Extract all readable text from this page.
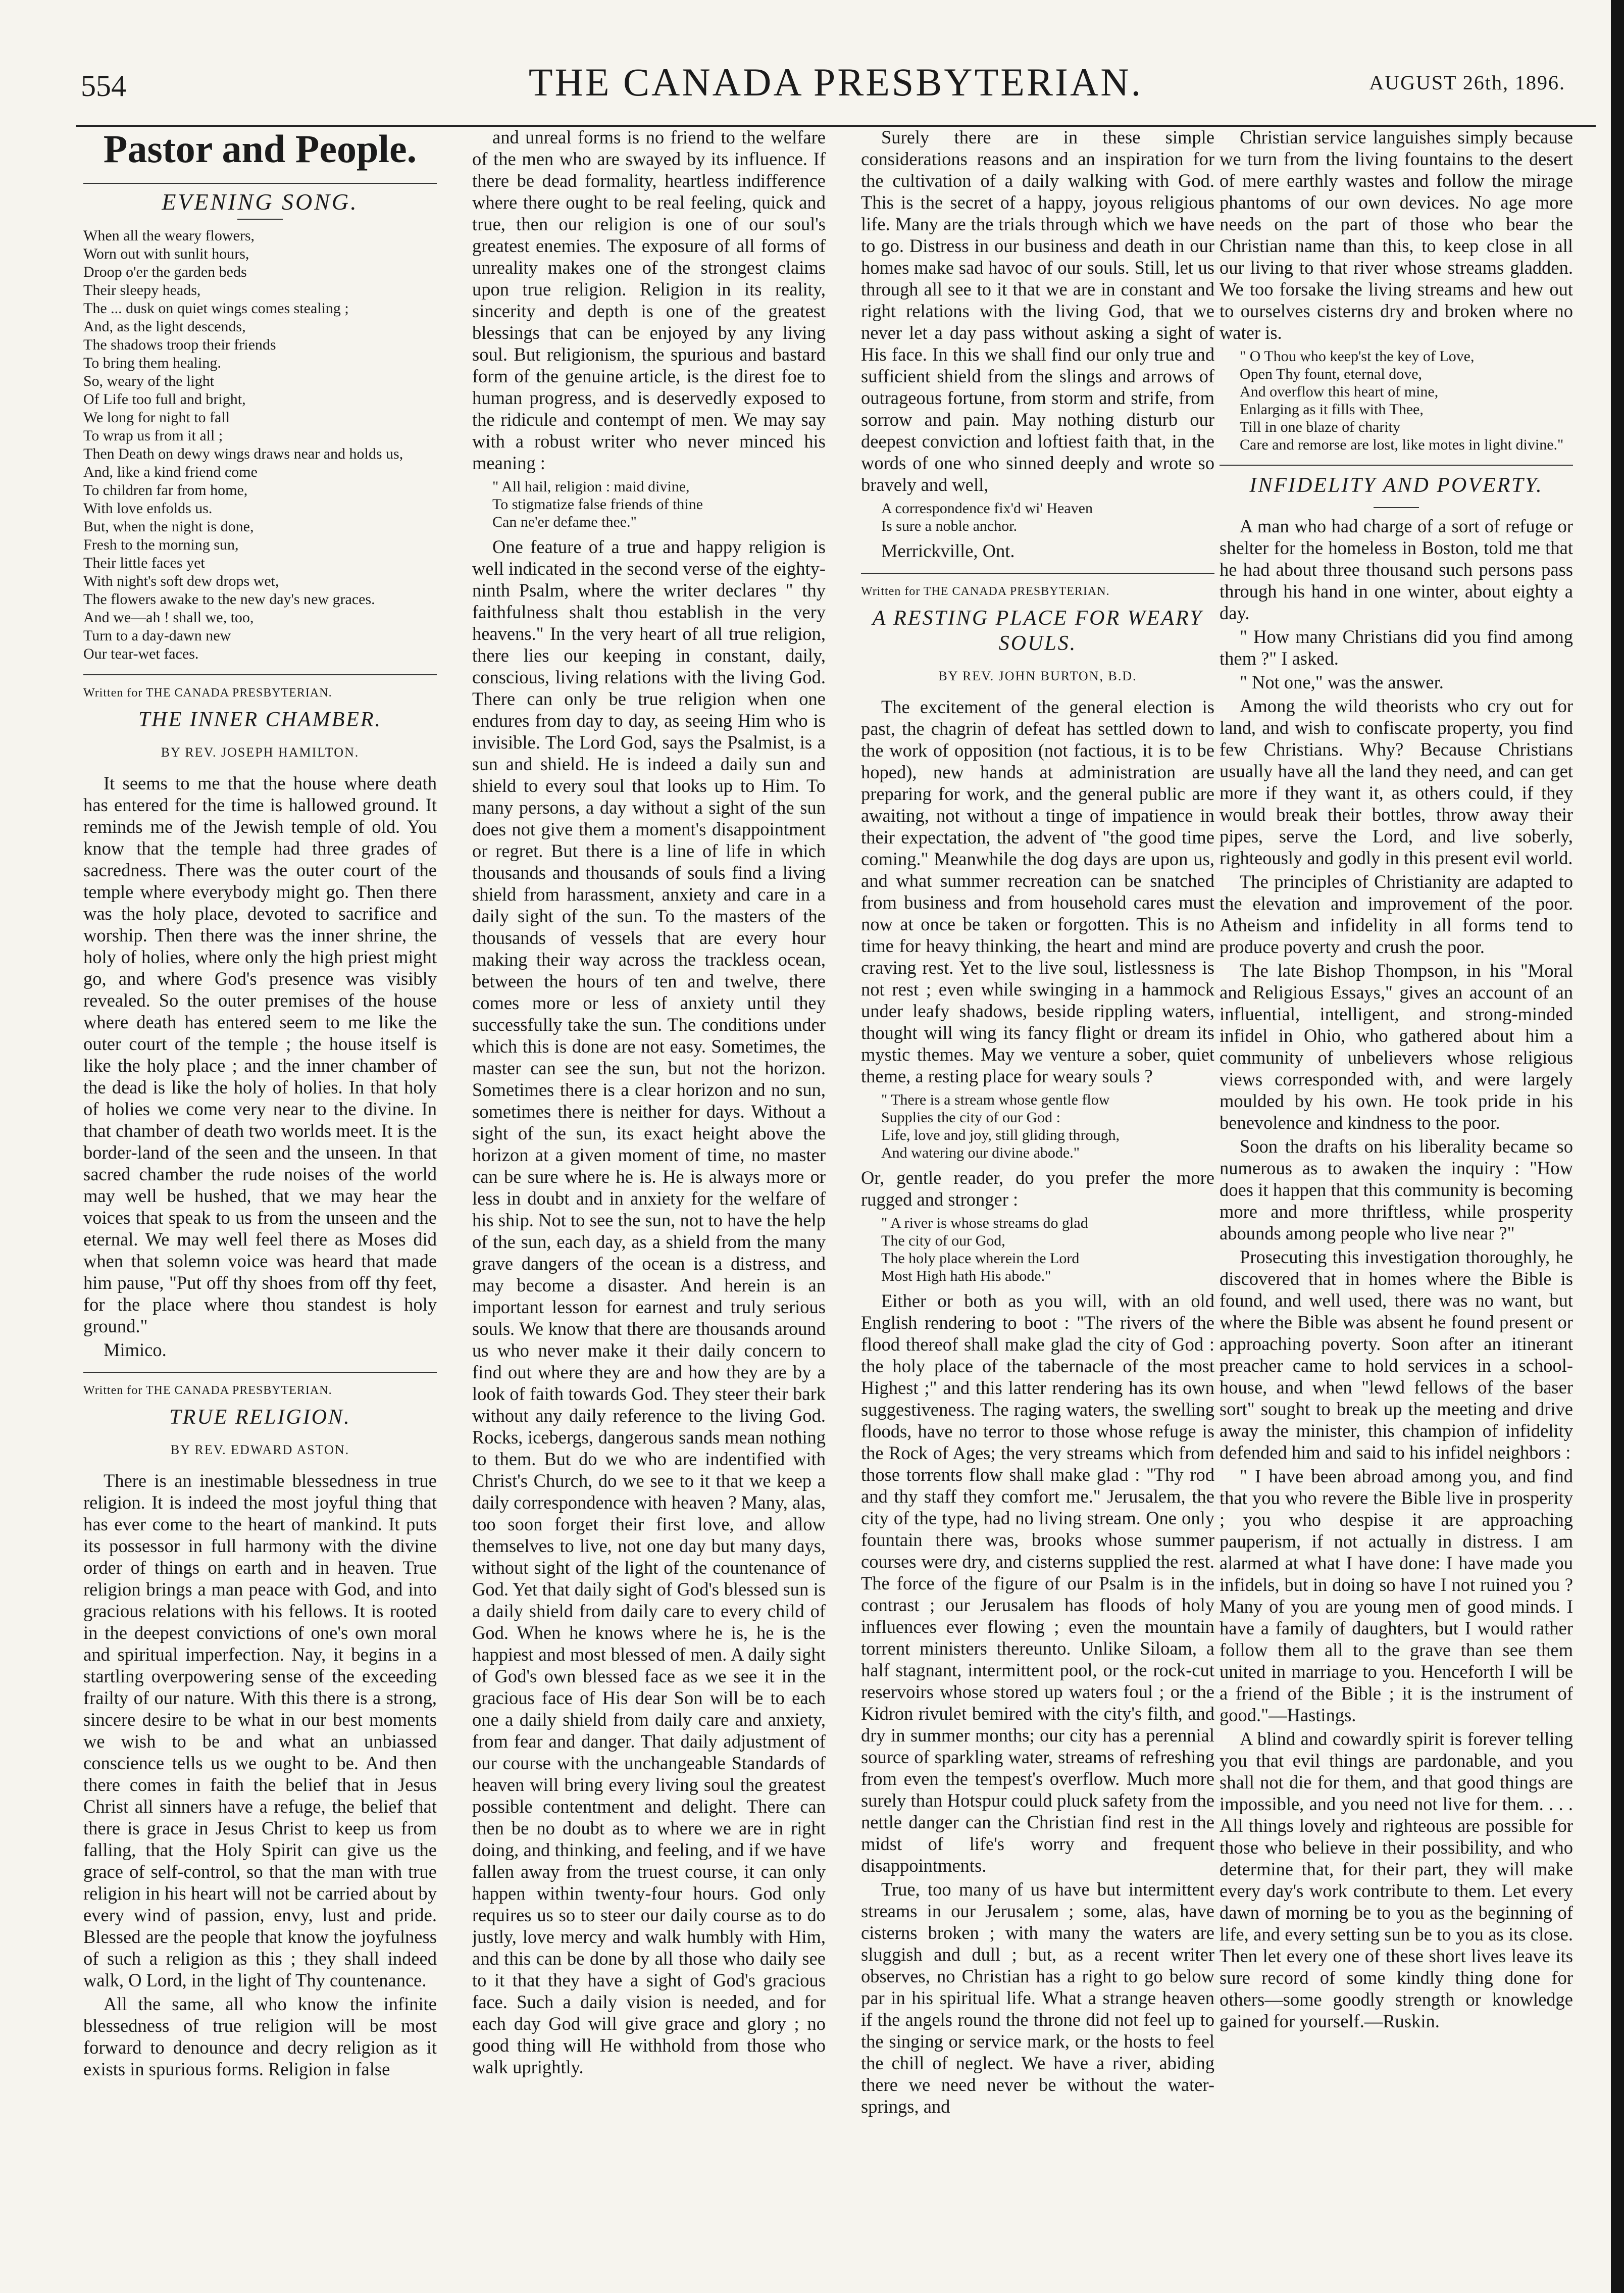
554	THE CANADA PRESBYTERIAN.	AUGUST 26th, 1896.
Pastor and People.
EVENING SONG.
When all the weary flowers,
Worn out with sunlit hours,
Droop o'er the garden beds
Their sleepy heads,
The ... dusk on quiet wings comes stealing ;
And, as the light descends,
The shadows troop their friends
To bring them healing.
So, weary of the light
Of Life too full and bright,
We long for night to fall
To wrap us from it all ;
Then Death on dewy wings draws near and holds us,
And, like a kind friend come
To children far from home,
With love enfolds us.
But, when the night is done,
Fresh to the morning sun,
Their little faces yet
With night's soft dew drops wet,
The flowers awake to the new day's new graces.
And we—ah ! shall we, too,
Turn to a day-dawn new
Our tear-wet faces.
Written for THE CANADA PRESBYTERIAN.
THE INNER CHAMBER.
BY REV. JOSEPH HAMILTON.

It seems to me that the house where death has entered for the time is hallowed ground. It reminds me of the Jewish temple of old. You know that the temple had three grades of sacredness. There was the outer court of the temple where everybody might go. Then there was the holy place, devoted to sacrifice and worship. Then there was the inner shrine, the holy of holies, where only the high priest might go, and where God's presence was visibly revealed. So the outer premises of the house where death has entered seem to me like the outer court of the temple ; the house itself is like the holy place ; and the inner chamber of the dead is like the holy of holies. In that holy of holies we come very near to the divine. In that chamber of death two worlds meet. It is the border-land of the seen and the unseen. In that sacred chamber the rude noises of the world may well be hushed, that we may hear the voices that speak to us from the unseen and the eternal. We may well feel there as Moses did when that solemn voice was heard that made him pause, "Put off thy shoes from off thy feet, for the place where thou standest is holy ground."

Mimico.
Written for THE CANADA PRESBYTERIAN.
TRUE RELIGION.
BY REV. EDWARD ASTON.

There is an inestimable blessedness in true religion. It is indeed the most joyful thing that has ever come to the heart of mankind. It puts its possessor in full harmony with the divine order of things on earth and in heaven. True religion brings a man peace with God, and into gracious relations with his fellows. It is rooted in the deepest convictions of one's own moral and spiritual imperfection. Nay, it begins in a startling overpowering sense of the exceeding frailty of our nature. With this there is a strong, sincere desire to be what in our best moments we wish to be and what an unbiassed conscience tells us we ought to be. And then there comes in faith the belief that in Jesus Christ all sinners have a refuge, the belief that there is grace in Jesus Christ to keep us from falling, that the Holy Spirit can give us the grace of self-control, so that the man with true religion in his heart will not be carried about by every wind of passion, envy, lust and pride. Blessed are the people that know the joyfulness of such a religion as this ; they shall indeed walk, O Lord, in the light of Thy countenance.

All the same, all who know the infinite blessedness of true religion will be most forward to denounce and decry religion as it exists in spurious forms. Religion in false

and unreal forms is no friend to the welfare of the men who are swayed by its influence. If there be dead formality, heartless indifference where there ought to be real feeling, quick and true, then our religion is one of our soul's greatest enemies. The exposure of all forms of unreality makes one of the strongest claims upon true religion. Religion in its reality, sincerity and depth is one of the greatest blessings that can be enjoyed by any living soul. But religionism, the spurious and bastard form of the genuine article, is the direst foe to human progress, and is deservedly exposed to the ridicule and contempt of men. We may say with a robust writer who never minced his meaning :

" All hail, religion : maid divine,
To stigmatize false friends of thine
Can ne'er defame thee."

One feature of a true and happy religion is well indicated in the second verse of the eighty-ninth Psalm, where the writer declares " thy faithfulness shalt thou establish in the very heavens." In the very heart of all true religion, there lies our keeping in constant, daily, conscious, living relations with the living God. There can only be true religion when one endures from day to day, as seeing Him who is invisible. The Lord God, says the Psalmist, is a sun and shield. He is indeed a daily sun and shield to every soul that looks up to Him. To many persons, a day without a sight of the sun does not give them a moment's disappointment or regret. But there is a line of life in which thousands and thousands of souls find a living shield from harassment, anxiety and care in a daily sight of the sun. To the masters of the thousands of vessels that are every hour making their way across the trackless ocean, between the hours of ten and twelve, there comes more or less of anxiety until they successfully take the sun. The conditions under which this is done are not easy. Sometimes, the master can see the sun, but not the horizon. Sometimes there is a clear horizon and no sun, sometimes there is neither for days. Without a sight of the sun, its exact height above the horizon at a given moment of time, no master can be sure where he is. He is always more or less in doubt and in anxiety for the welfare of his ship. Not to see the sun, not to have the help of the sun, each day, as a shield from the many grave dangers of the ocean is a distress, and may become a disaster. And herein is an important lesson for earnest and truly serious souls. We know that there are thousands around us who never make it their daily concern to find out where they are and how they are by a look of faith towards God. They steer their bark without any daily reference to the living God. Rocks, icebergs, dangerous sands mean nothing to them. But do we who are indentified with Christ's Church, do we see to it that we keep a daily correspondence with heaven ? Many, alas, too soon forget their first love, and allow themselves to live, not one day but many days, without sight of the light of the countenance of God. Yet that daily sight of God's blessed sun is a daily shield from daily care to every child of God. When he knows where he is, he is the happiest and most blessed of men. A daily sight of God's own blessed face as we see it in the gracious face of His dear Son will be to each one a daily shield from daily care and anxiety, from fear and danger. That daily adjustment of our course with the unchangeable Standards of heaven will bring every living soul the greatest possible contentment and delight. There can then be no doubt as to where we are in right doing, and thinking, and feeling, and if we have fallen away from the truest course, it can only happen within twenty-four hours. God only requires us so to steer our daily course as to do justly, love mercy and walk humbly with Him, and this can be done by all those who daily see to it that they have a sight of God's gracious face. Such a daily vision is needed, and for each day God will give grace and glory ; no good thing will He withhold from those who walk uprightly.

Surely there are in these simple considerations reasons and an inspiration for the cultivation of a daily walking with God. This is the secret of a happy, joyous religious life. Many are the trials through which we have to go. Distress in our business and death in our homes make sad havoc of our souls. Still, let us through all see to it that we are in constant and right relations with the living God, that we never let a day pass without asking a sight of His face. In this we shall find our only true and sufficient shield from the slings and arrows of outrageous fortune, from storm and strife, from sorrow and pain. May nothing disturb our deepest conviction and loftiest faith that, in the words of one who sinned deeply and wrote so bravely and well,

A correspondence fix'd wi' Heaven
Is sure a noble anchor.
Merrickville, Ont.
Written for THE CANADA PRESBYTERIAN.
A RESTING PLACE FOR WEARY SOULS.
BY REV. JOHN BURTON, B.D.

The excitement of the general election is past, the chagrin of defeat has settled down to the work of opposition (not factious, it is to be hoped), new hands at administration are preparing for work, and the general public are awaiting, not without a tinge of impatience in their expectation, the advent of "the good time coming." Meanwhile the dog days are upon us, and what summer recreation can be snatched from business and from household cares must now at once be taken or forgotten. This is no time for heavy thinking, the heart and mind are craving rest. Yet to the live soul, listlessness is not rest ; even while swinging in a hammock under leafy shadows, beside rippling waters, thought will wing its fancy flight or dream its mystic themes. May we venture a sober, quiet theme, a resting place for weary souls ?

" There is a stream whose gentle flow
Supplies the city of our God :
Life, love and joy, still gliding through,
And watering our divine abode."

Or, gentle reader, do you prefer the more rugged and stronger :

" A river is whose streams do glad
The city of our God,
The holy place wherein the Lord
Most High hath His abode."

Either or both as you will, with an old English rendering to boot : "The rivers of the flood thereof shall make glad the city of God : the holy place of the tabernacle of the most Highest ;" and this latter rendering has its own suggestiveness. The raging waters, the swelling floods, have no terror to those whose refuge is the Rock of Ages; the very streams which from those torrents flow shall make glad : "Thy rod and thy staff they comfort me." Jerusalem, the city of the type, had no living stream. One only fountain there was, brooks whose summer courses were dry, and cisterns supplied the rest. The force of the figure of our Psalm is in the contrast ; our Jerusalem has floods of holy influences ever flowing ; even the mountain torrent ministers thereunto. Unlike Siloam, a half stagnant, intermittent pool, or the rock-cut reservoirs whose stored up waters foul ; or the Kidron rivulet bemired with the city's filth, and dry in summer months; our city has a perennial source of sparkling water, streams of refreshing from even the tempest's overflow. Much more surely than Hotspur could pluck safety from the nettle danger can the Christian find rest in the midst of life's worry and frequent disappointments.

True, too many of us have but intermittent streams in our Jerusalem ; some, alas, have cisterns broken ; with many the waters are sluggish and dull ; but, as a recent writer observes, no Christian has a right to go below par in his spiritual life. What a strange heaven if the angels round the throne did not feel up to the singing or service mark, or the hosts to feel the chill of neglect. We have a river, abiding there we need never be without the water-springs, and

Christian service languishes simply because we turn from the living fountains to the desert of mere earthly wastes and follow the mirage phantoms of our own devices. No age more needs on the part of those who bear the Christian name than this, to keep close in all our living to that river whose streams gladden. We too forsake the living streams and hew out to ourselves cisterns dry and broken where no water is.

" O Thou who keep'st the key of Love,
Open Thy fount, eternal dove,
And overflow this heart of mine,
Enlarging as it fills with Thee,
Till in one blaze of charity
Care and remorse are lost, like motes in light divine."
INFIDELITY AND POVERTY.

A man who had charge of a sort of refuge or shelter for the homeless in Boston, told me that he had about three thousand such persons pass through his hand in one winter, about eighty a day.

" How many Christians did you find among them ?" I asked.

" Not one," was the answer.

Among the wild theorists who cry out for land, and wish to confiscate property, you find few Christians. Why? Because Christians usually have all the land they need, and can get more if they want it, as others could, if they would break their bottles, throw away their pipes, serve the Lord, and live soberly, righteously and godly in this present evil world.

The principles of Christianity are adapted to the elevation and improvement of the poor. Atheism and infidelity in all forms tend to produce poverty and crush the poor.

The late Bishop Thompson, in his "Moral and Religious Essays," gives an account of an influential, intelligent, and strong-minded infidel in Ohio, who gathered about him a community of unbelievers whose religious views corresponded with, and were largely moulded by his own. He took pride in his benevolence and kindness to the poor.

Soon the drafts on his liberality became so numerous as to awaken the inquiry : "How does it happen that this community is becoming more and more thriftless, while prosperity abounds among people who live near ?"

Prosecuting this investigation thoroughly, he discovered that in homes where the Bible is found, and well used, there was no want, but where the Bible was absent he found present or approaching poverty. Soon after an itinerant preacher came to hold services in a school-house, and when "lewd fellows of the baser sort" sought to break up the meeting and drive away the minister, this champion of infidelity defended him and said to his infidel neighbors :

" I have been abroad among you, and find that you who revere the Bible live in prosperity ; you who despise it are approaching pauperism, if not actually in distress. I am alarmed at what I have done: I have made you infidels, but in doing so have I not ruined you ? Many of you are young men of good minds. I have a family of daughters, but I would rather follow them all to the grave than see them united in marriage to you. Henceforth I will be a friend of the Bible ; it is the instrument of good."—Hastings.

A blind and cowardly spirit is forever telling you that evil things are pardonable, and you shall not die for them, and that good things are impossible, and you need not live for them. . . . All things lovely and righteous are possible for those who believe in their possibility, and who determine that, for their part, they will make every day's work contribute to them. Let every dawn of morning be to you as the beginning of life, and every setting sun be to you as its close. Then let every one of these short lives leave its sure record of some kindly thing done for others—some goodly strength or knowledge gained for yourself.—Ruskin.
